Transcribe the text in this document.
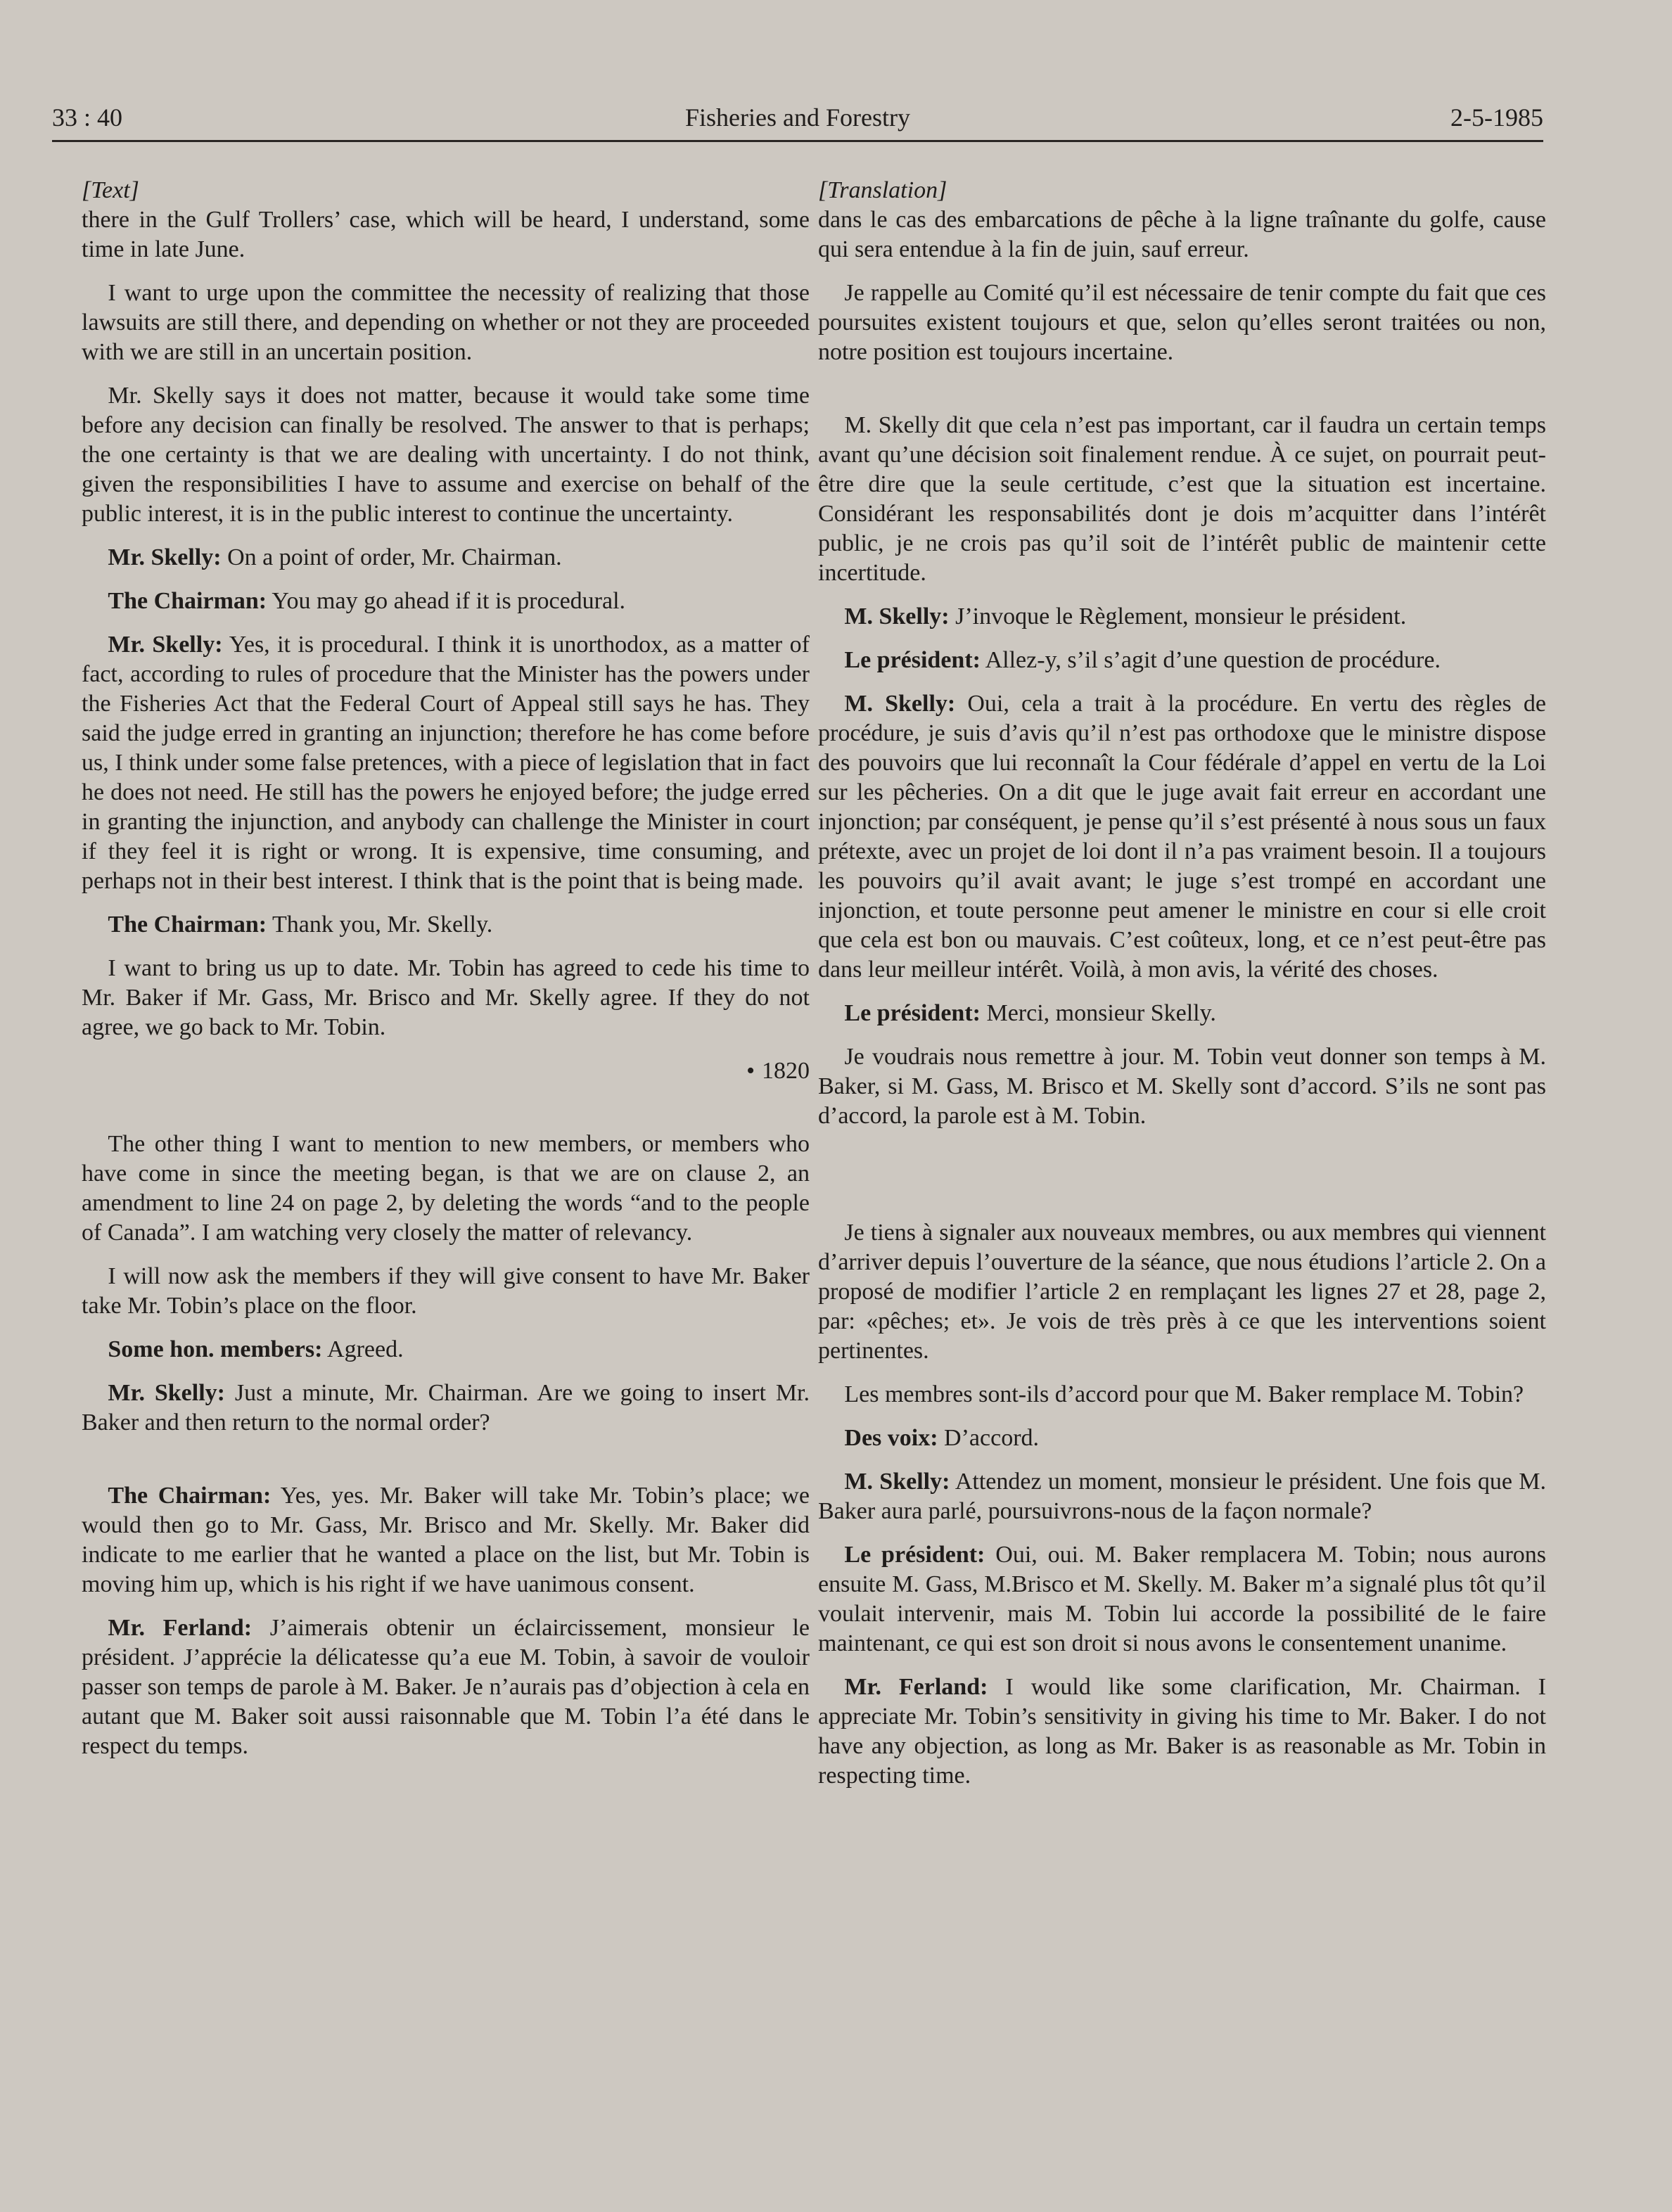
33 : 40	Fisheries and Forestry	2-5-1985

[Text]

there in the Gulf Trollers’ case, which will be heard, I understand, some time in late June.

I want to urge upon the committee the necessity of realizing that those lawsuits are still there, and depending on whether or not they are proceeded with we are still in an uncertain position.

Mr. Skelly says it does not matter, because it would take some time before any decision can finally be resolved. The answer to that is perhaps; the one certainty is that we are dealing with uncertainty. I do not think, given the responsibilities I have to assume and exercise on behalf of the public interest, it is in the public interest to continue the uncertainty.

Mr. Skelly: On a point of order, Mr. Chairman.

The Chairman: You may go ahead if it is procedural.

Mr. Skelly: Yes, it is procedural. I think it is unorthodox, as a matter of fact, according to rules of procedure that the Minister has the powers under the Fisheries Act that the Federal Court of Appeal still says he has. They said the judge erred in granting an injunction; therefore he has come before us, I think under some false pretences, with a piece of legislation that in fact he does not need. He still has the powers he enjoyed before; the judge erred in granting the injunction, and anybody can challenge the Minister in court if they feel it is right or wrong. It is expensive, time consuming, and perhaps not in their best interest. I think that is the point that is being made.

The Chairman: Thank you, Mr. Skelly.

I want to bring us up to date. Mr. Tobin has agreed to cede his time to Mr. Baker if Mr. Gass, Mr. Brisco and Mr. Skelly agree. If they do not agree, we go back to Mr. Tobin.

• 1820

The other thing I want to mention to new members, or members who have come in since the meeting began, is that we are on clause 2, an amendment to line 24 on page 2, by deleting the words “and to the people of Canada”. I am watching very closely the matter of relevancy.

I will now ask the members if they will give consent to have Mr. Baker take Mr. Tobin’s place on the floor.

Some hon. members: Agreed.

Mr. Skelly: Just a minute, Mr. Chairman. Are we going to insert Mr. Baker and then return to the normal order?

The Chairman: Yes, yes. Mr. Baker will take Mr. Tobin’s place; we would then go to Mr. Gass, Mr. Brisco and Mr. Skelly. Mr. Baker did indicate to me earlier that he wanted a place on the list, but Mr. Tobin is moving him up, which is his right if we have uanimous consent.

Mr. Ferland: J’aimerais obtenir un éclaircissement, monsieur le président. J’apprécie la délicatesse qu’a eue M. Tobin, à savoir de vouloir passer son temps de parole à M. Baker. Je n’aurais pas d’objection à cela en autant que M. Baker soit aussi raisonnable que M. Tobin l’a été dans le respect du temps.

[Translation]

dans le cas des embarcations de pêche à la ligne traînante du golfe, cause qui sera entendue à la fin de juin, sauf erreur.

Je rappelle au Comité qu’il est nécessaire de tenir compte du fait que ces poursuites existent toujours et que, selon qu’elles seront traitées ou non, notre position est toujours incertaine.

M. Skelly dit que cela n’est pas important, car il faudra un certain temps avant qu’une décision soit finalement rendue. À ce sujet, on pourrait peut-être dire que la seule certitude, c’est que la situation est incertaine. Considérant les responsabilités dont je dois m’acquitter dans l’intérêt public, je ne crois pas qu’il soit de l’intérêt public de maintenir cette incertitude.

M. Skelly: J’invoque le Règlement, monsieur le président.

Le président: Allez-y, s’il s’agit d’une question de procédure.

M. Skelly: Oui, cela a trait à la procédure. En vertu des règles de procédure, je suis d’avis qu’il n’est pas orthodoxe que le ministre dispose des pouvoirs que lui reconnaît la Cour fédérale d’appel en vertu de la Loi sur les pêcheries. On a dit que le juge avait fait erreur en accordant une injonction; par conséquent, je pense qu’il s’est présenté à nous sous un faux prétexte, avec un projet de loi dont il n’a pas vraiment besoin. Il a toujours les pouvoirs qu’il avait avant; le juge s’est trompé en accordant une injonction, et toute personne peut amener le ministre en cour si elle croit que cela est bon ou mauvais. C’est coûteux, long, et ce n’est peut-être pas dans leur meilleur intérêt. Voilà, à mon avis, la vérité des choses.

Le président: Merci, monsieur Skelly.

Je voudrais nous remettre à jour. M. Tobin veut donner son temps à M. Baker, si M. Gass, M. Brisco et M. Skelly sont d’accord. S’ils ne sont pas d’accord, la parole est à M. Tobin.

Je tiens à signaler aux nouveaux membres, ou aux membres qui viennent d’arriver depuis l’ouverture de la séance, que nous étudions l’article 2. On a proposé de modifier l’article 2 en remplaçant les lignes 27 et 28, page 2, par: «pêches; et». Je vois de très près à ce que les interventions soient pertinentes.

Les membres sont-ils d’accord pour que M. Baker remplace M. Tobin?

Des voix: D’accord.

M. Skelly: Attendez un moment, monsieur le président. Une fois que M. Baker aura parlé, poursuivrons-nous de la façon normale?

Le président: Oui, oui. M. Baker remplacera M. Tobin; nous aurons ensuite M. Gass, M.Brisco et M. Skelly. M. Baker m’a signalé plus tôt qu’il voulait intervenir, mais M. Tobin lui accorde la possibilité de le faire maintenant, ce qui est son droit si nous avons le consentement unanime.

Mr. Ferland: I would like some clarification, Mr. Chairman. I appreciate Mr. Tobin’s sensitivity in giving his time to Mr. Baker. I do not have any objection, as long as Mr. Baker is as reasonable as Mr. Tobin in respecting time.
